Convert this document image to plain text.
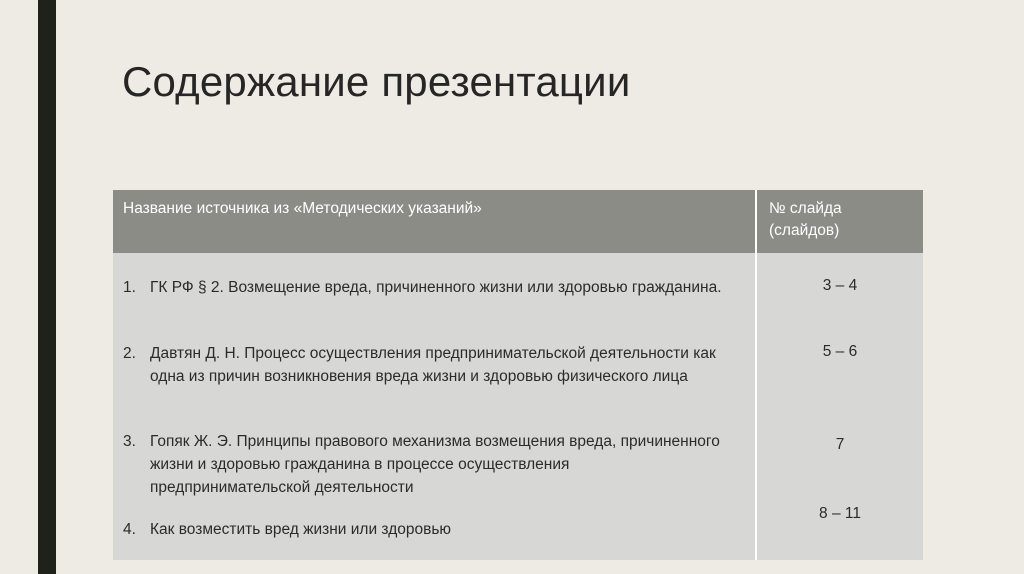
Содержание презентации
Название источника из «Методических указаний»	№ слайда
(слайдов)
1. ГК РФ § 2. Возмещение вреда, причиненного жизни или здоровью гражданина.
2. Давтян Д. Н. Процесс осуществления предпринимательской деятельности как одна из причин возникновения вреда жизни и здоровью физического лица
3. Гопяк Ж. Э. Принципы правового механизма возмещения вреда, причиненного жизни и здоровью гражданина в процессе осуществления предпринимательской деятельности
4. Как возместить вред жизни или здоровью
3 – 4
5 – 6
7
8 – 11
